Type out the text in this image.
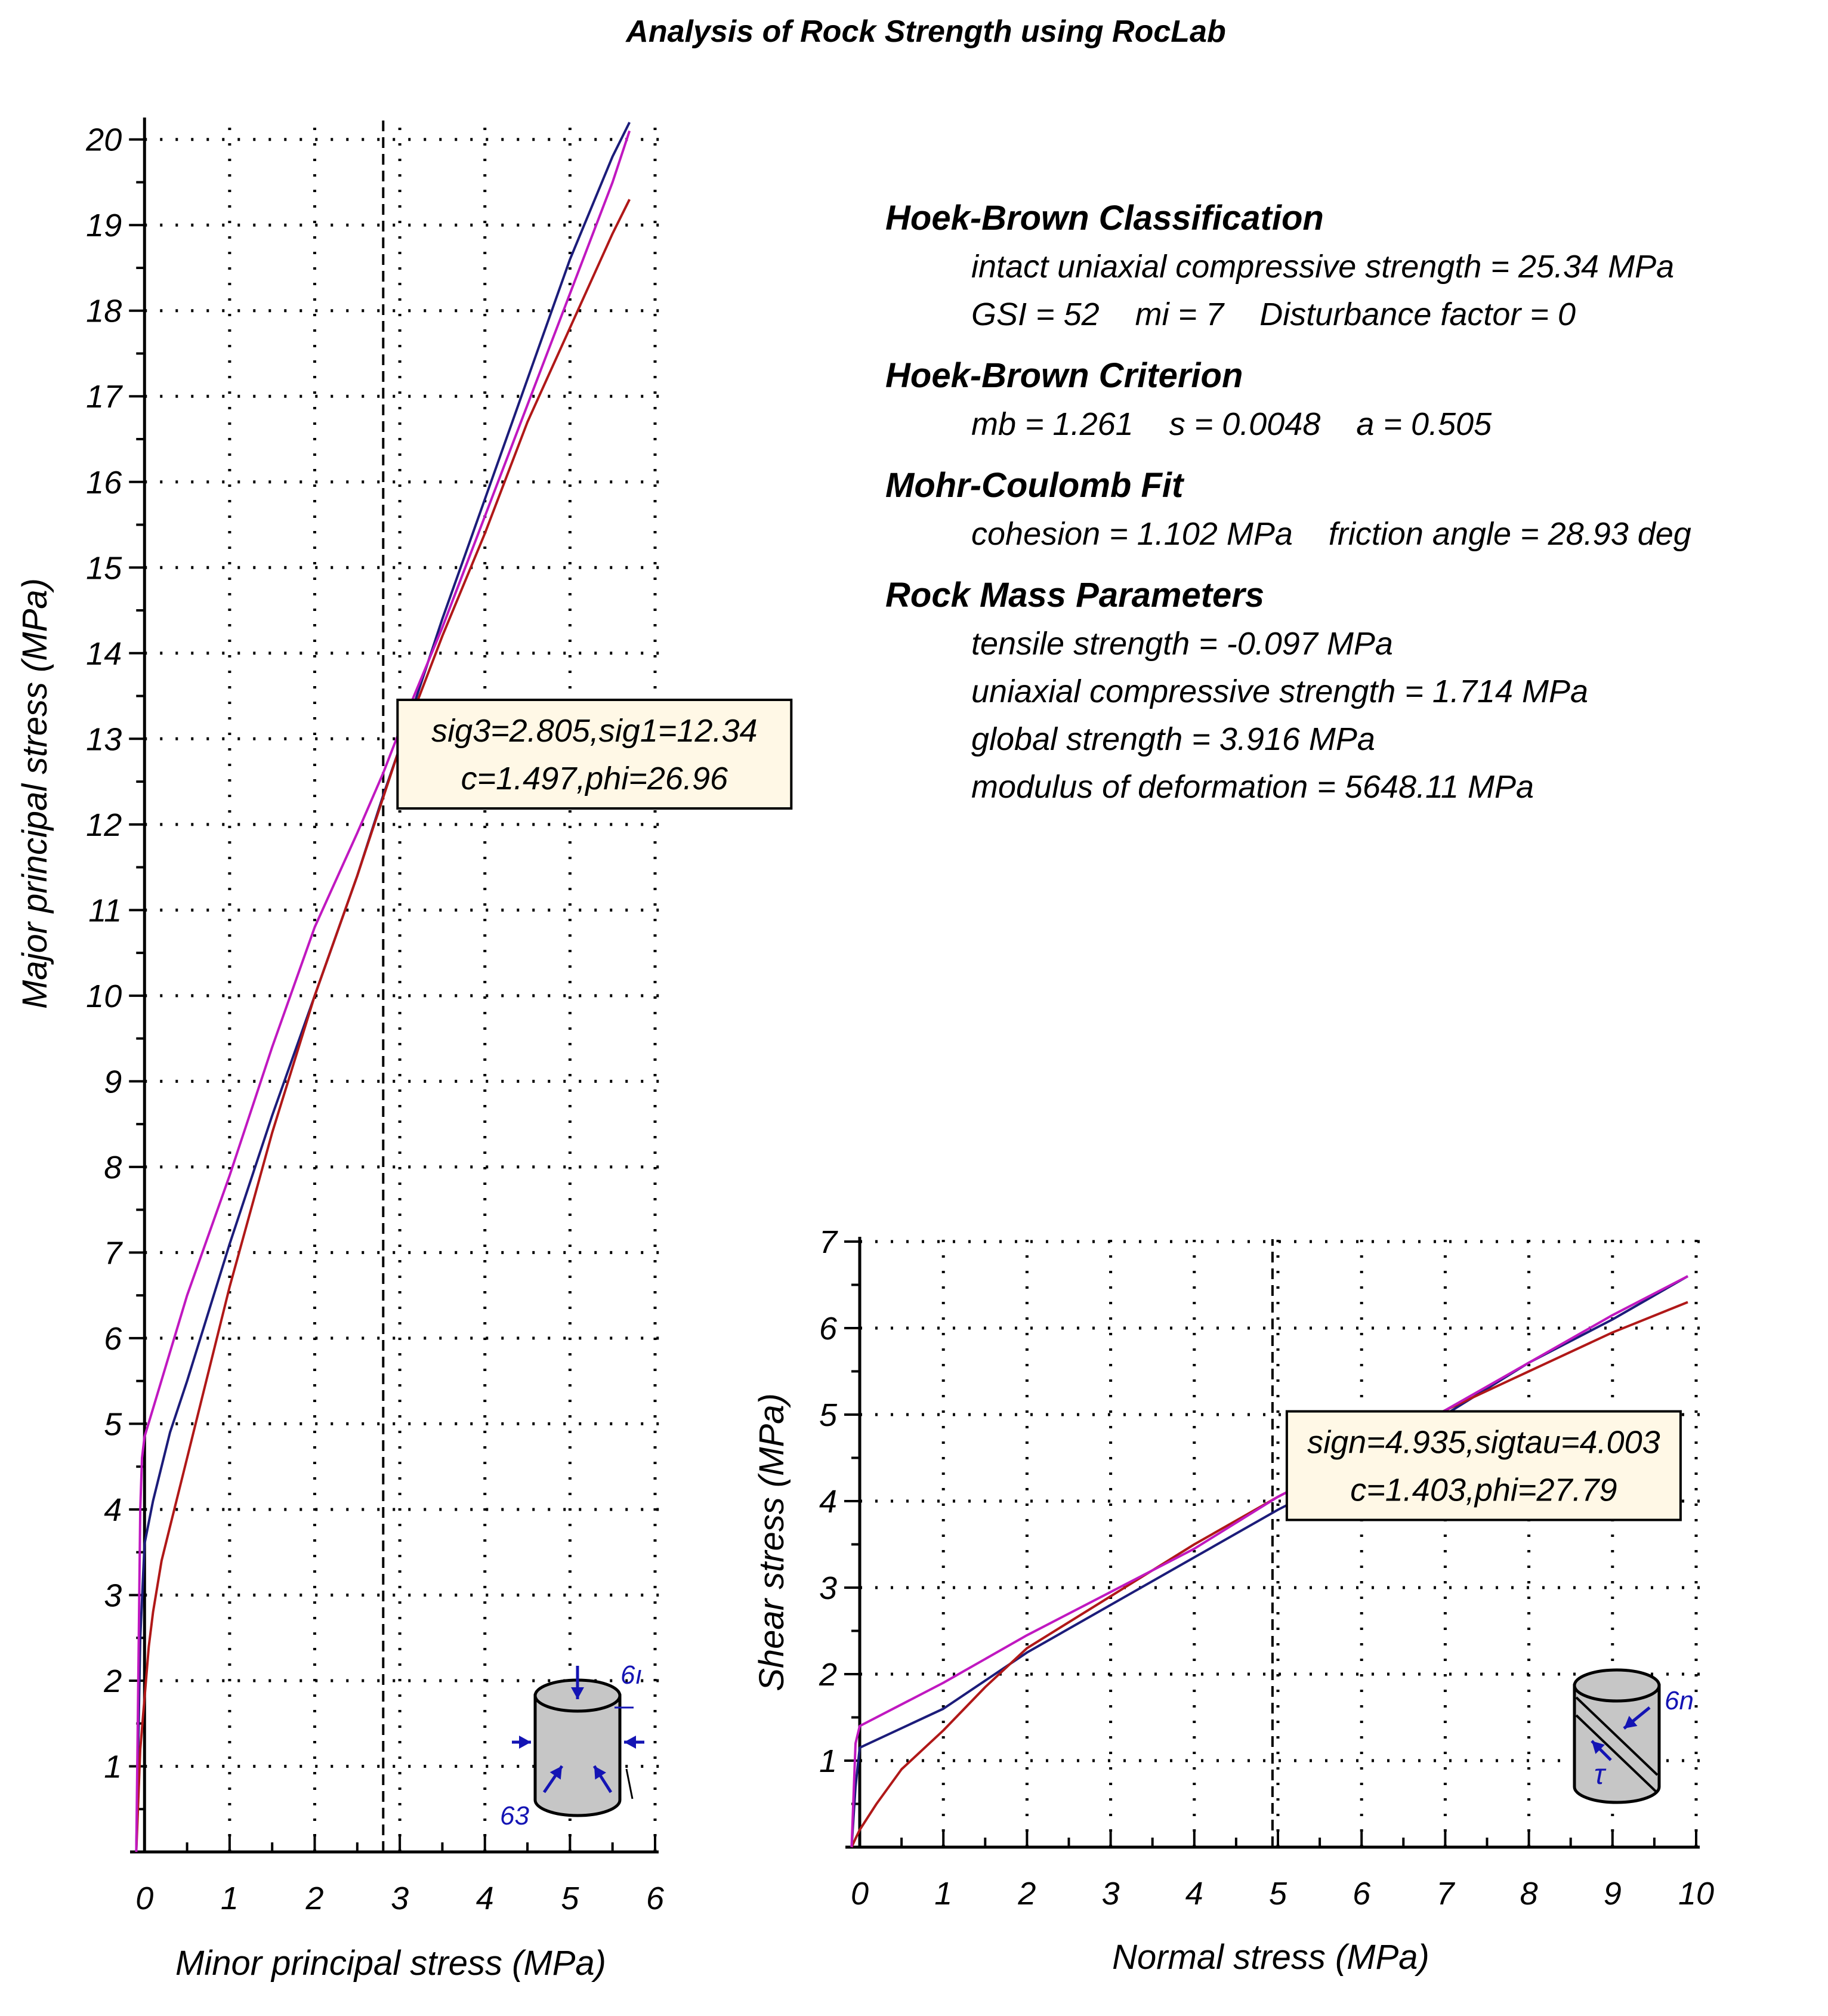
Analysis of Rock Strength using RocLab
Hoek-Brown Classification
intact uniaxial compressive strength = 25.34 MPa
GSI = 52    mi = 7    Disturbance factor = 0
Hoek-Brown Criterion
mb = 1.261    s = 0.0048    a = 0.505
Mohr-Coulomb Fit
cohesion = 1.102 MPa    friction angle = 28.93 deg
Rock Mass Parameters
tensile strength = -0.097 MPa
uniaxial compressive strength = 1.714 MPa
global strength = 3.916 MPa
modulus of deformation = 5648.11 MPa
0 1 2 3 4 5 6
1
2
3
4
5
6
7
8
9
10
11
12
13
14
15
16
17
18
19
20
Minor principal stress (MPa)
Major principal stress (MPa)	sig3=2.805,sig1=12.34
c=1.497,phi=26.96
0 1 2 3 4 5 6 7 8 9 10
1
2
3
4
5
6
7
Normal stress (MPa)
Shear stress (MPa)	sign=4.935,sigtau=4.003
c=1.403,phi=27.79
6ı
63
6n
τ
